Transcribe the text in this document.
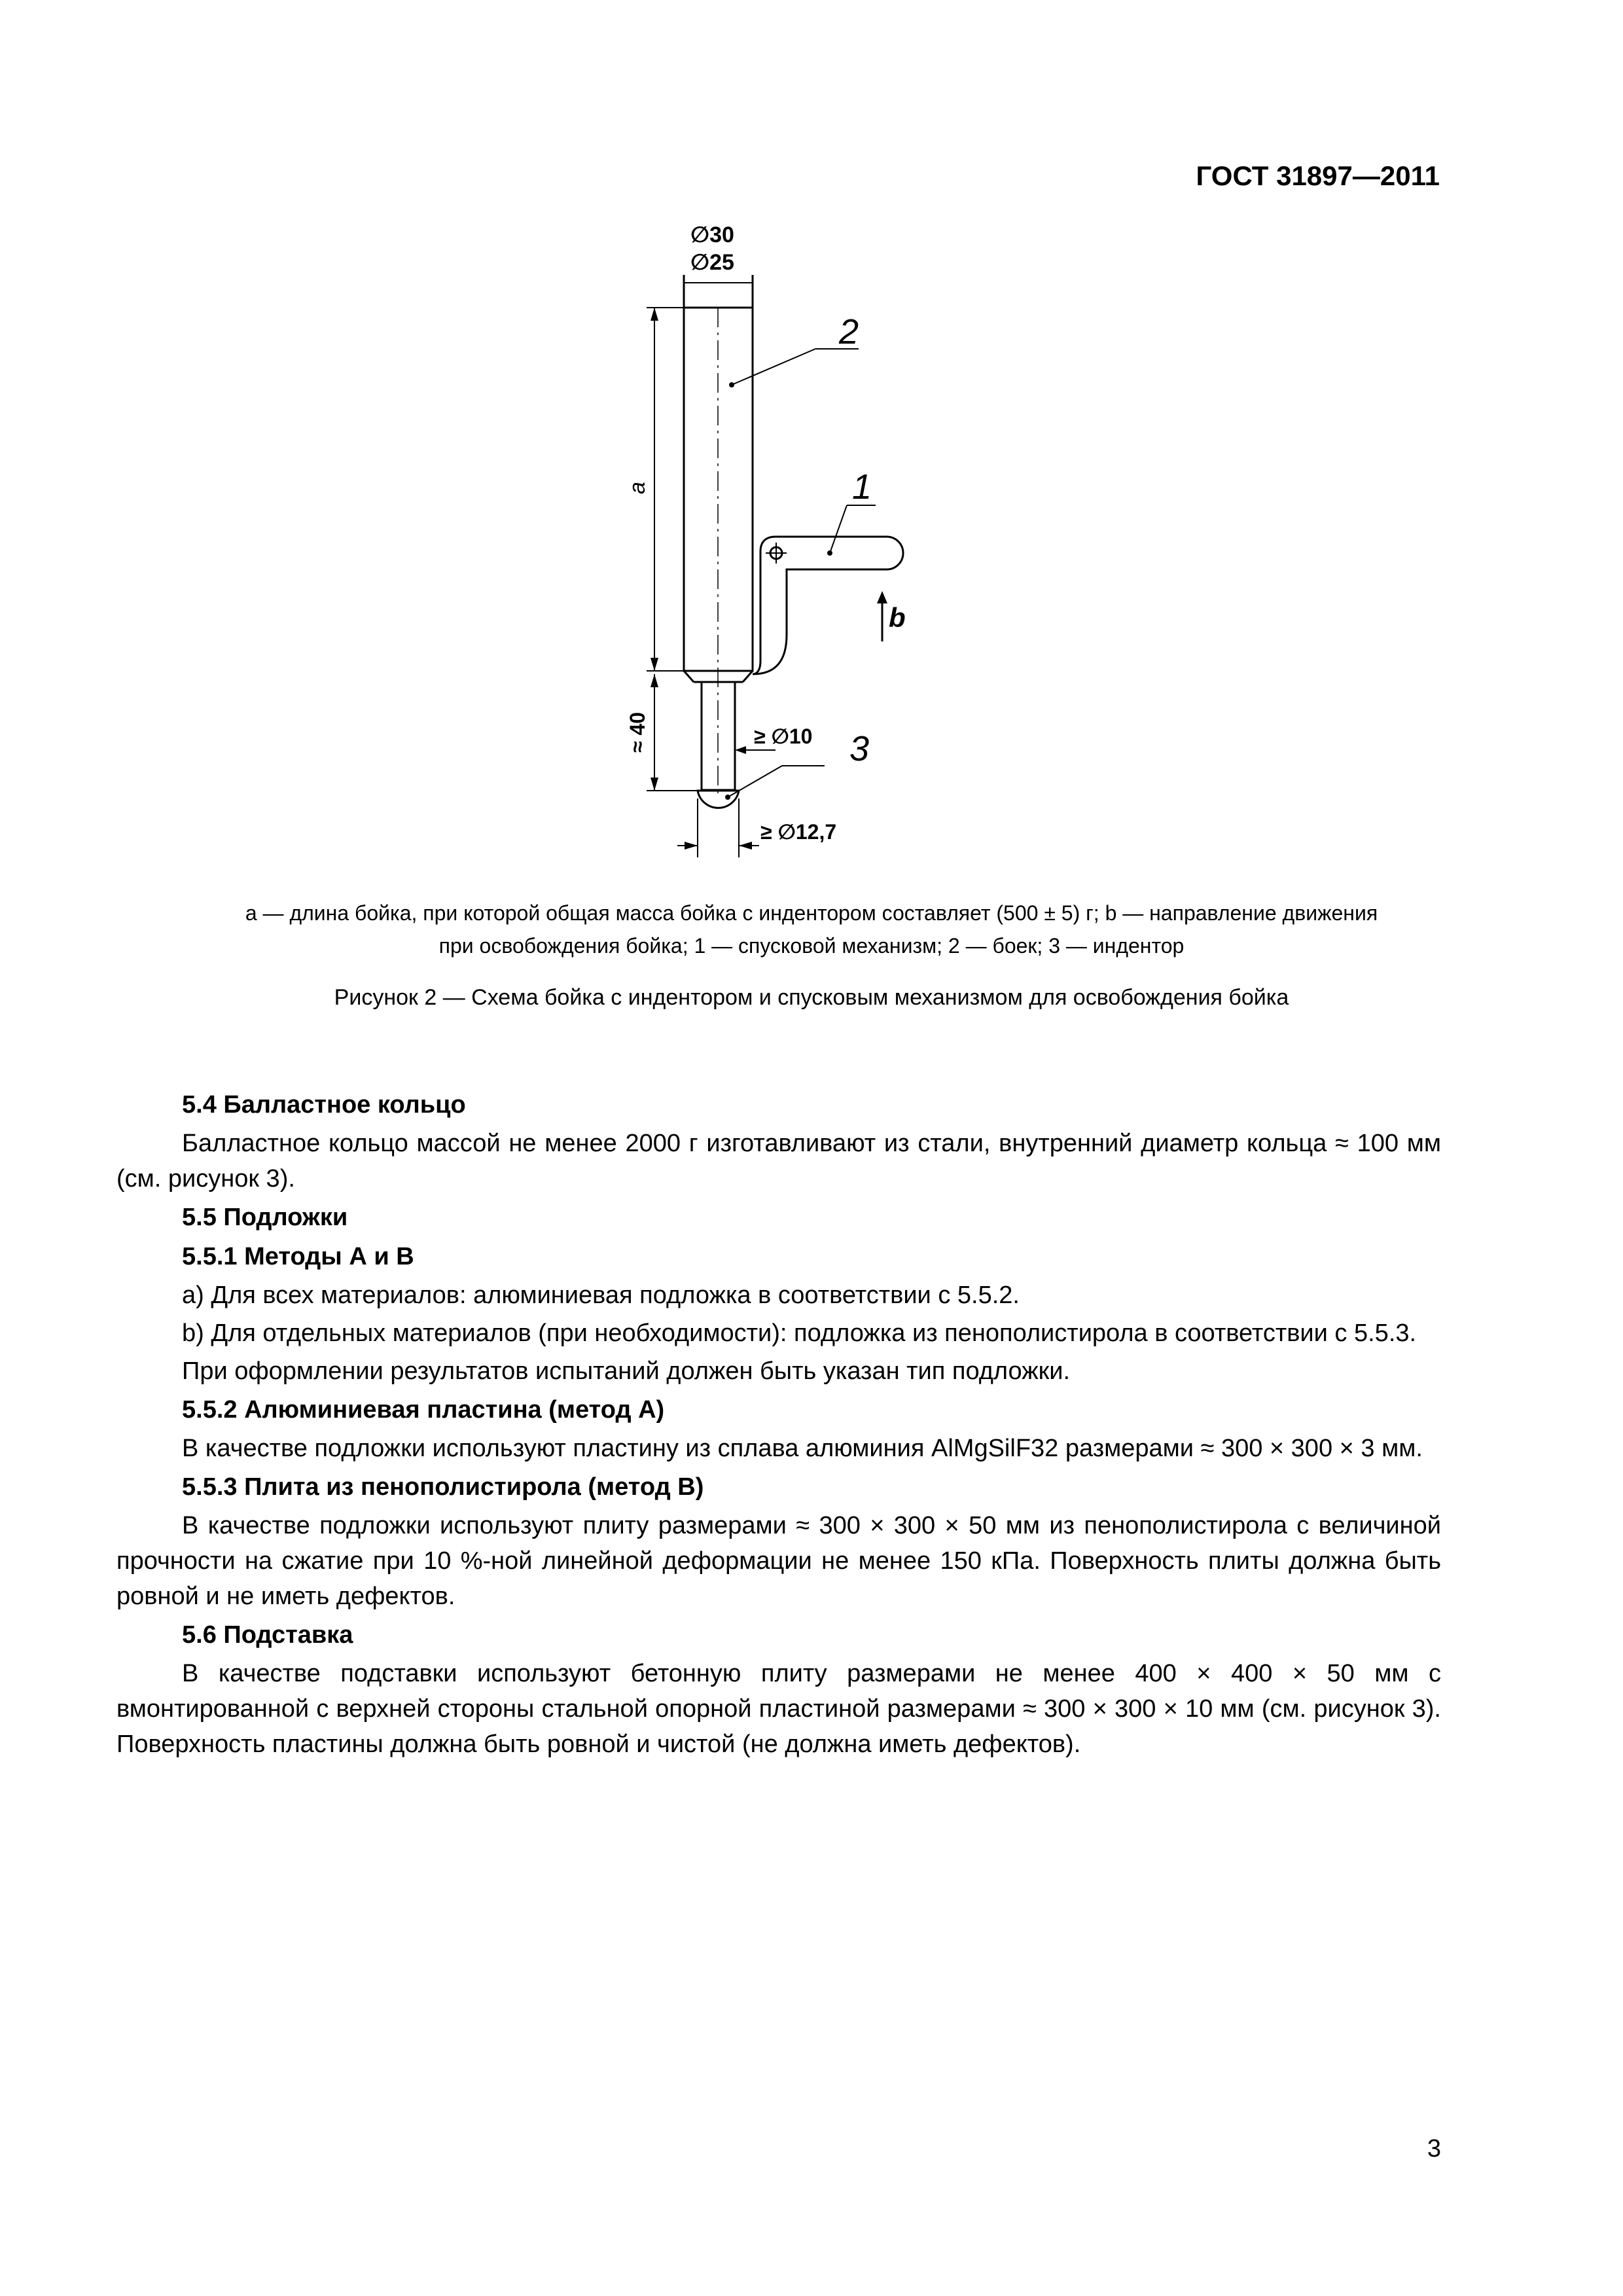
ГОСТ 31897—2011

∅30
∅25
2
1
3
b
a
≈ 40	≥ ∅10
≥ ∅12,7
a — длина бойка, при которой общая масса бойка с индентором составляет (500 ± 5) г; b — направление движения
при освобождения бойка; 1 — спусковой механизм; 2 — боек; 3 — индентор

Рисунок 2 — Схема бойка с индентором и спусковым механизмом для освобождения бойка

5.4 Балластное кольцо

Балластное кольцо массой не менее 2000 г изготавливают из стали, внутренний диаметр кольца ≈ 100 мм (см. рисунок 3).

5.5 Подложки
5.5.1 Методы А и В

a) Для всех материалов: алюминиевая подложка в соответствии с 5.5.2.

b) Для отдельных материалов (при необходимости): подложка из пенополистирола в соответствии с 5.5.3.

При оформлении результатов испытаний должен быть указан тип подложки.

5.5.2 Алюминиевая пластина (метод А)

В качестве подложки используют пластину из сплава алюминия AlMgSilF32 размерами ≈ 300 × 300 × 3 мм.

5.5.3 Плита из пенополистирола (метод В)

В качестве подложки используют плиту размерами ≈ 300 × 300 × 50 мм из пенополистирола с величиной прочности на сжатие при 10 %-ной линейной деформации не менее 150 кПа. Поверхность плиты должна быть ровной и не иметь дефектов.

5.6 Подставка

В качестве подставки используют бетонную плиту размерами не менее 400 × 400 × 50 мм с вмонтированной с верхней стороны стальной опорной пластиной размерами ≈ 300 × 300 × 10 мм (см. рисунок 3). Поверхность пластины должна быть ровной и чистой (не должна иметь дефектов).

3
